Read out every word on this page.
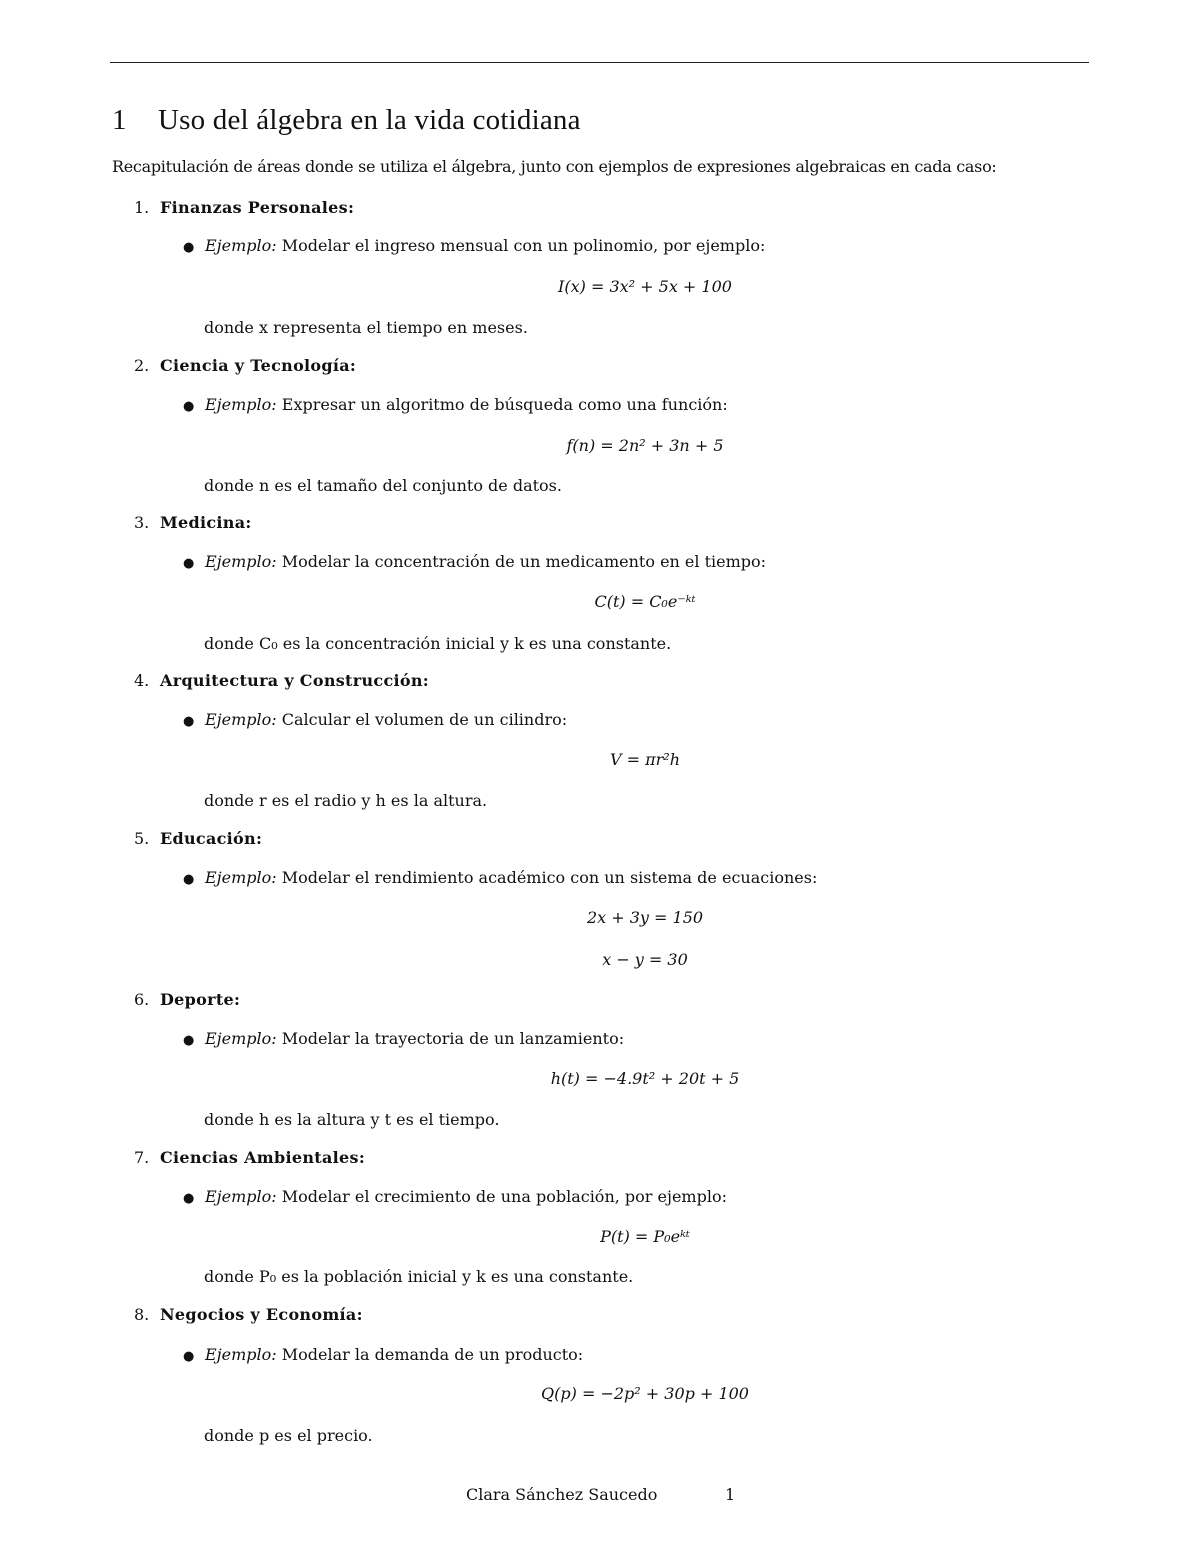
1 Uso del álgebra en la vida cotidiana
Recapitulación de áreas donde se utiliza el álgebra, junto con ejemplos de expresiones algebraicas en cada caso:
1. Finanzas Personales:
● Ejemplo: Modelar el ingreso mensual con un polinomio, por ejemplo:
I(x) = 3x² + 5x + 100
donde x representa el tiempo en meses.
2. Ciencia y Tecnología:
● Ejemplo: Expresar un algoritmo de búsqueda como una función:
f(n) = 2n² + 3n + 5
donde n es el tamaño del conjunto de datos.
3. Medicina:
● Ejemplo: Modelar la concentración de un medicamento en el tiempo:
C(t) = C₀e⁻ᵏᵗ
donde C₀ es la concentración inicial y k es una constante.
4. Arquitectura y Construcción:
● Ejemplo: Calcular el volumen de un cilindro:
V = πr²h
donde r es el radio y h es la altura.
5. Educación:
● Ejemplo: Modelar el rendimiento académico con un sistema de ecuaciones:
2x + 3y = 150
x − y = 30
6. Deporte:
● Ejemplo: Modelar la trayectoria de un lanzamiento:
h(t) = −4.9t² + 20t + 5
donde h es la altura y t es el tiempo.
7. Ciencias Ambientales:
● Ejemplo: Modelar el crecimiento de una población, por ejemplo:
P(t) = P₀eᵏᵗ
donde P₀ es la población inicial y k es una constante.
8. Negocios y Economía:
● Ejemplo: Modelar la demanda de un producto:
Q(p) = −2p² + 30p + 100
donde p es el precio.
Clara Sánchez Saucedo	1
